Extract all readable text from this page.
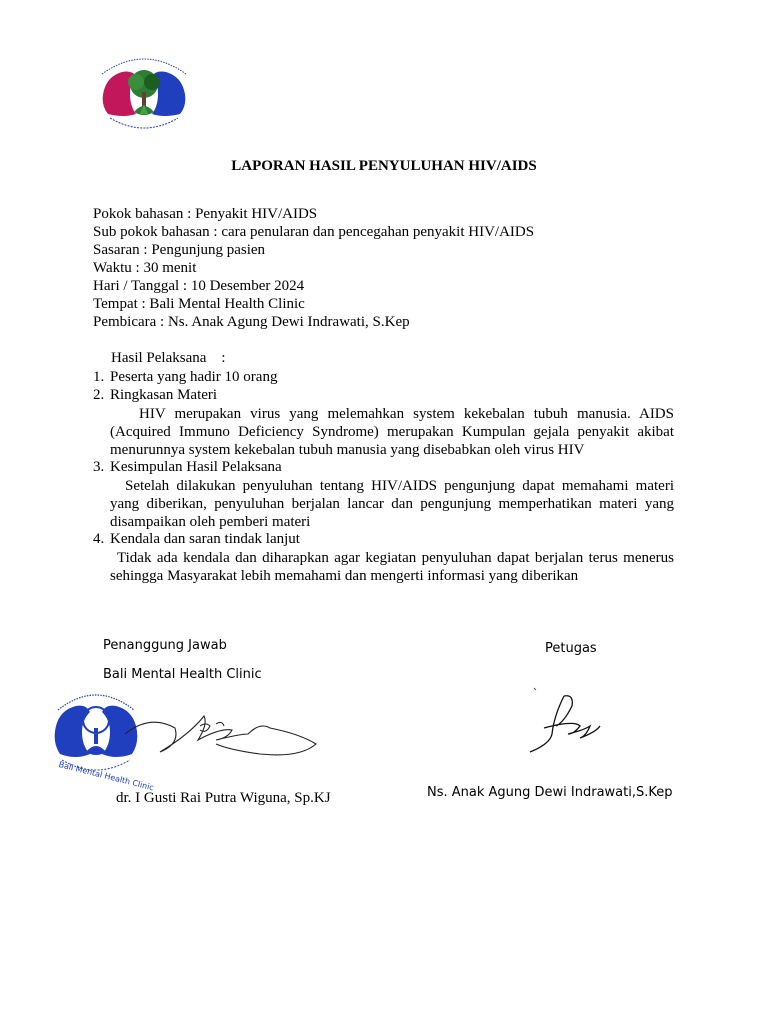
LAPORAN HASIL PENYULUHAN HIV/AIDS
Pokok bahasan : Penyakit HIV/AIDS
Sub pokok bahasan : cara penularan dan pencegahan penyakit HIV/AIDS
Sasaran : Pengunjung pasien
Waktu : 30 menit
Hari / Tanggal : 10 Desember 2024
Tempat : Bali Mental Health Clinic
Pembicara : Ns. Anak Agung Dewi Indrawati, S.Kep
Hasil Pelaksana    :
1. Peserta yang hadir 10 orang
2. Ringkasan Materi
HIV merupakan virus yang melemahkan system kekebalan tubuh manusia. AIDS (Acquired Immuno Deficiency Syndrome) merupakan Kumpulan gejala penyakit akibat menurunnya system kekebalan tubuh manusia yang disebabkan oleh virus HIV
3. Kesimpulan Hasil Pelaksana
Setelah dilakukan penyuluhan tentang HIV/AIDS pengunjung dapat memahami materi yang diberikan, penyuluhan berjalan lancar dan pengunjung memperhatikan materi yang disampaikan oleh pemberi materi
4. Kendala dan saran tindak lanjut
Tidak ada kendala dan diharapkan agar kegiatan penyuluhan dapat berjalan terus menerus sehingga Masyarakat lebih memahami dan mengerti informasi yang diberikan
Penanggung Jawab
Bali Mental Health Clinic
Bali Mental Health Clinic
dr. I Gusti Rai Putra Wiguna, Sp.KJ
Petugas
Ns. Anak Agung Dewi Indrawati,S.Kep
